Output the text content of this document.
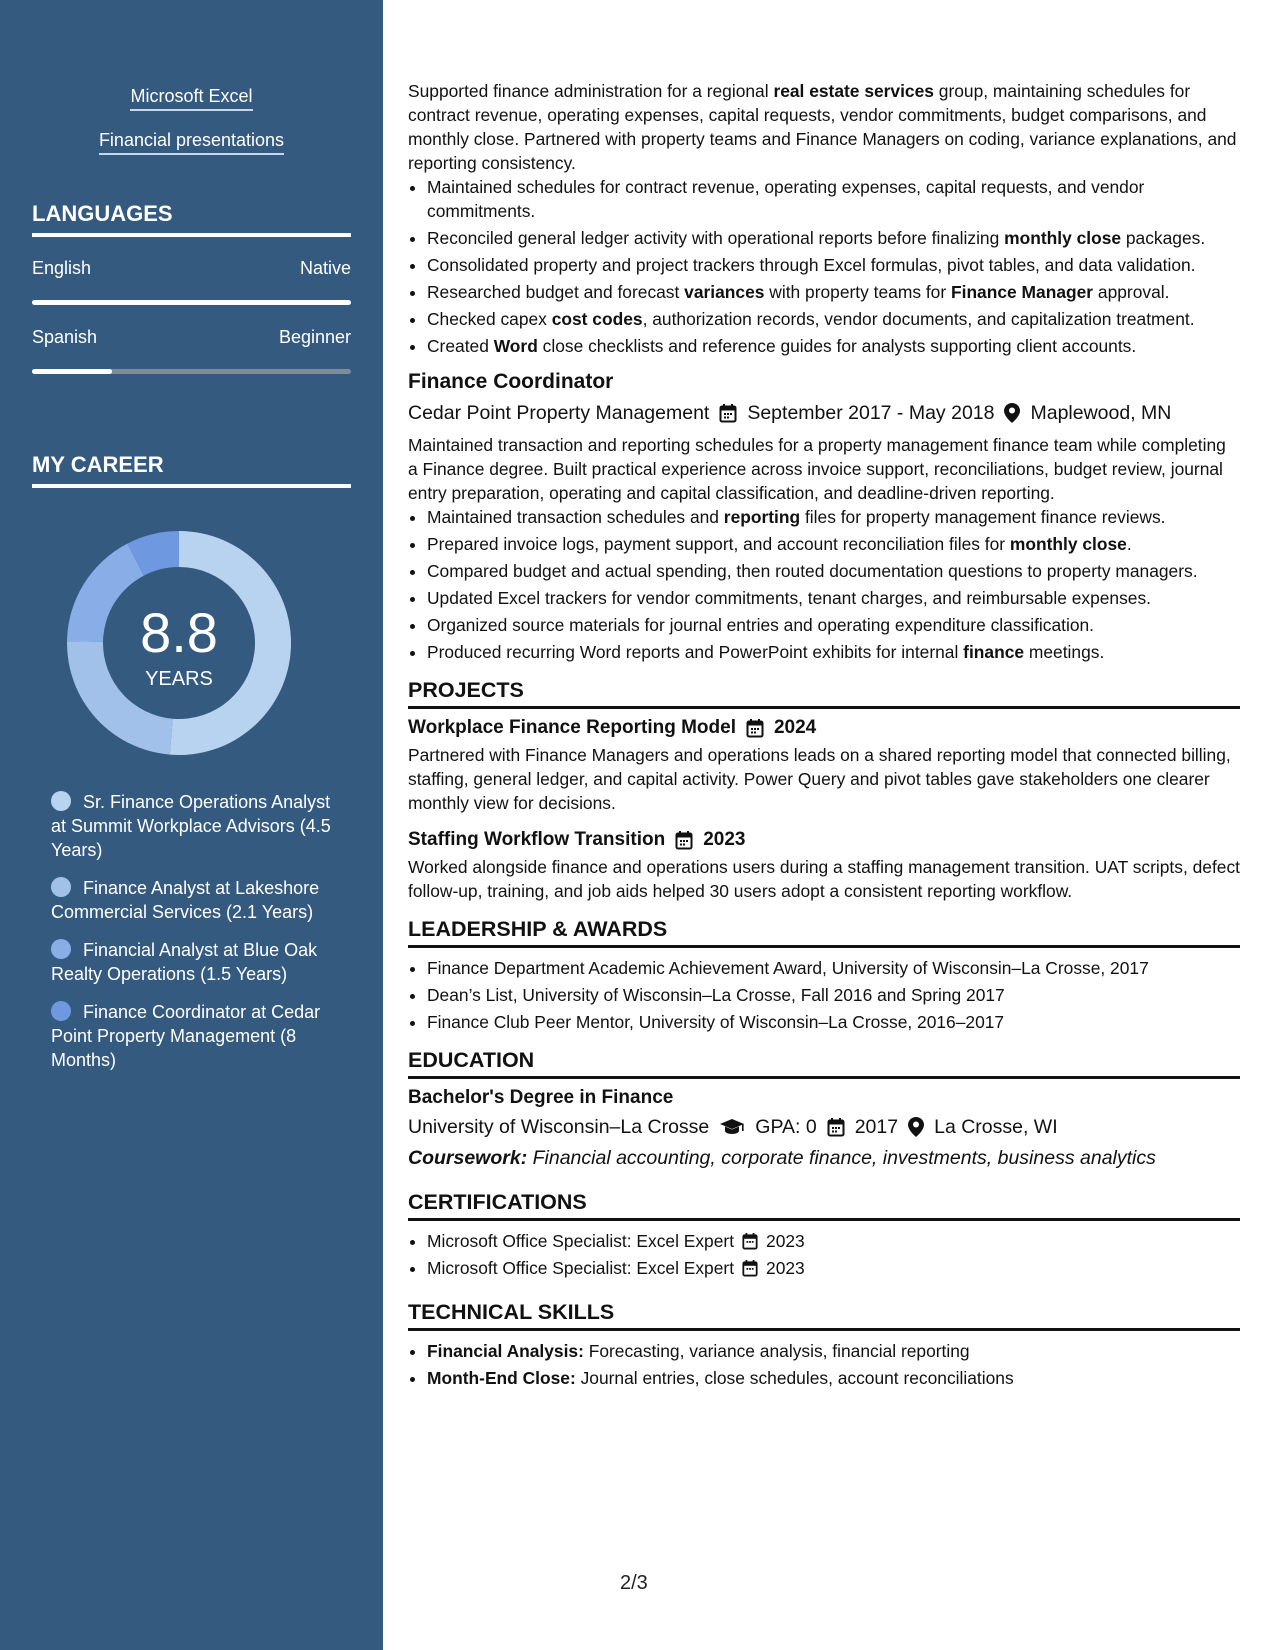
Microsoft Excel
Financial presentations
LANGUAGES
English	Native
Spanish	Beginner
MY CAREER
8.8
YEARS
Sr. Finance Operations Analyst at Summit Workplace Advisors (4.5 Years)
Finance Analyst at Lakeshore Commercial Services (2.1 Years)
Financial Analyst at Blue Oak Realty Operations (1.5 Years)
Finance Coordinator at Cedar Point Property Management (8 Months)

Supported finance administration for a regional real estate services group, maintaining schedules for contract revenue, operating expenses, capital requests, vendor commitments, budget comparisons, and monthly close. Partnered with property teams and Finance Managers on coding, variance explanations, and reporting consistency.

• Maintained schedules for contract revenue, operating expenses, capital requests, and vendor commitments.
• Reconciled general ledger activity with operational reports before finalizing monthly close packages.
• Consolidated property and project trackers through Excel formulas, pivot tables, and data validation.
• Researched budget and forecast variances with property teams for Finance Manager approval.
• Checked capex cost codes, authorization records, vendor documents, and capitalization treatment.
• Created Word close checklists and reference guides for analysts supporting client accounts.
Finance Coordinator
Cedar Point Property Management September 2017 - May 2018 Maplewood, MN

Maintained transaction and reporting schedules for a property management finance team while completing a Finance degree. Built practical experience across invoice support, reconciliations, budget review, journal entry preparation, operating and capital classification, and deadline-driven reporting.

• Maintained transaction schedules and reporting files for property management finance reviews.
• Prepared invoice logs, payment support, and account reconciliation files for monthly close.
• Compared budget and actual spending, then routed documentation questions to property managers.
• Updated Excel trackers for vendor commitments, tenant charges, and reimbursable expenses.
• Organized source materials for journal entries and operating expenditure classification.
• Produced recurring Word reports and PowerPoint exhibits for internal finance meetings.
PROJECTS
Workplace Finance Reporting Model 2024

Partnered with Finance Managers and operations leads on a shared reporting model that connected billing, staffing, general ledger, and capital activity. Power Query and pivot tables gave stakeholders one clearer monthly view for decisions.

Staffing Workflow Transition 2023

Worked alongside finance and operations users during a staffing management transition. UAT scripts, defect follow-up, training, and job aids helped 30 users adopt a consistent reporting workflow.

LEADERSHIP & AWARDS
• Finance Department Academic Achievement Award, University of Wisconsin–La Crosse, 2017
• Dean’s List, University of Wisconsin–La Crosse, Fall 2016 and Spring 2017
• Finance Club Peer Mentor, University of Wisconsin–La Crosse, 2016–2017
EDUCATION
Bachelor's Degree in Finance
University of Wisconsin–La Crosse GPA: 0 2017 La Crosse, WI
Coursework: Financial accounting, corporate finance, investments, business analytics
CERTIFICATIONS
• Microsoft Office Specialist: Excel Expert 2023
• Microsoft Office Specialist: Excel Expert 2023
TECHNICAL SKILLS
• Financial Analysis: Forecasting, variance analysis, financial reporting
• Month-End Close: Journal entries, close schedules, account reconciliations
2/3
